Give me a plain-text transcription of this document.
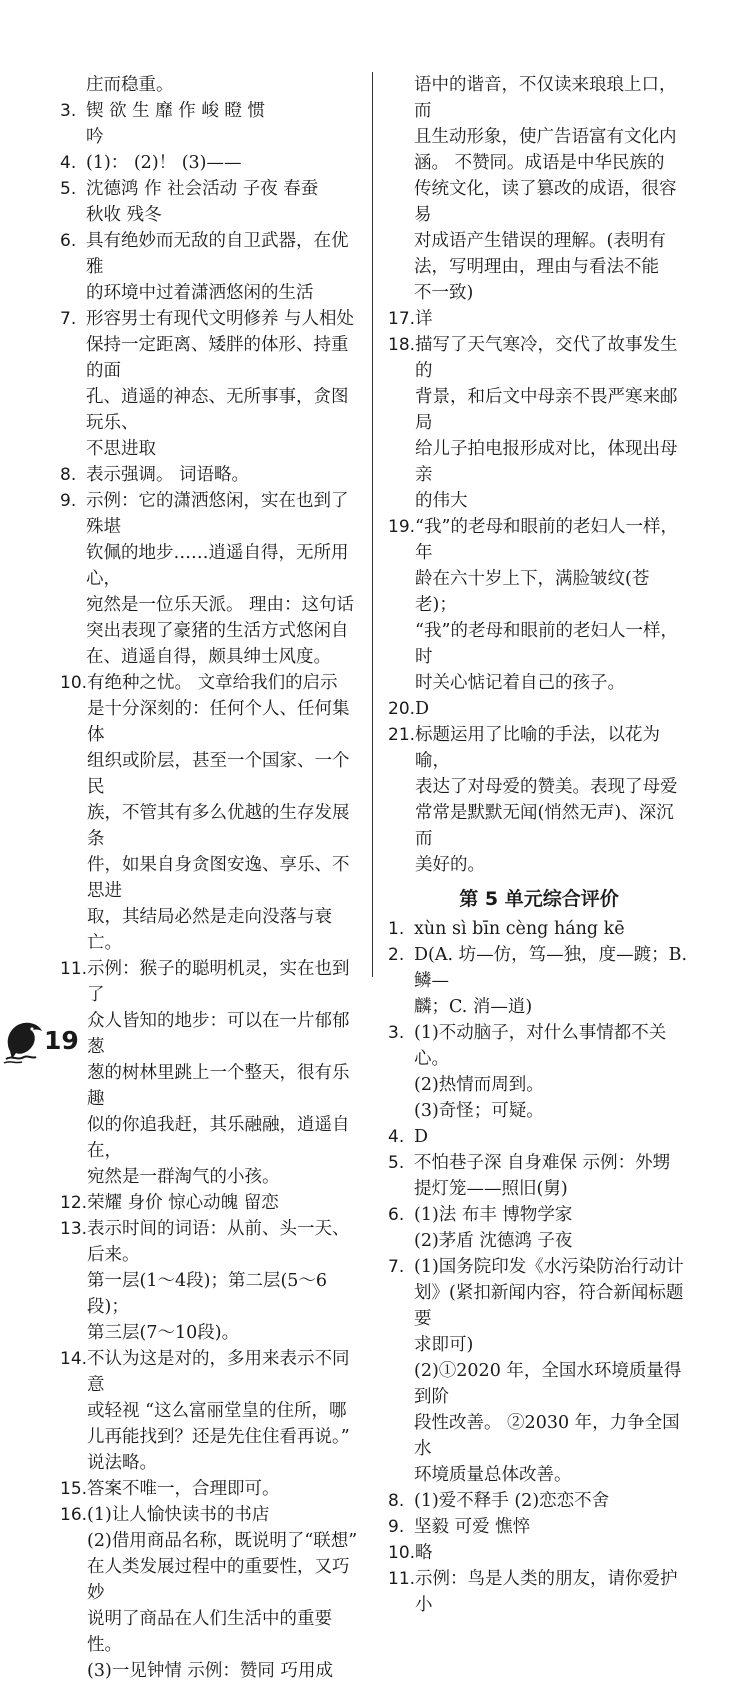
庄而稳重。
3. 锲 欲 生 靡 作 峻 瞪 惯
吟
4. (1)： (2)！ (3)——
5. 沈德鸿 作 社会活动 子夜 春蚕
秋收 残冬
6. 具有绝妙而无敌的自卫武器，在优雅
的环境中过着潇洒悠闲的生活
7. 形容男士有现代文明修养 与人相处
保持一定距离、矮胖的体形、持重的面
孔、逍遥的神态、无所事事，贪图玩乐、
不思进取
8. 表示强调。 词语略。
9. 示例：它的潇洒悠闲，实在也到了殊堪
钦佩的地步……逍遥自得，无所用心，
宛然是一位乐天派。 理由：这句话
突出表现了豪猪的生活方式悠闲自
在、逍遥自得，颇具绅士风度。
10. 有绝种之忧。 文章给我们的启示
是十分深刻的：任何个人、任何集体
组织或阶层，甚至一个国家、一个民
族，不管其有多么优越的生存发展条
件，如果自身贪图安逸、享乐、不思进
取，其结局必然是走向没落与衰亡。
11. 示例：猴子的聪明机灵，实在也到了
众人皆知的地步：可以在一片郁郁葱
葱的树林里跳上一个整天，很有乐趣
似的你追我赶，其乐融融，逍遥自在，
宛然是一群淘气的小孩。
12. 荣耀 身价 惊心动魄 留恋
13. 表示时间的词语：从前、头一天、
后来。
第一层(1～4段)；第二层(5～6段)；
第三层(7～10段)。
14. 不认为这是对的，多用来表示不同意
或轻视 “这么富丽堂皇的住所，哪
儿再能找到？还是先住住看再说。”
说法略。
15. 答案不唯一，合理即可。
16. (1)让人愉快读书的书店
(2)借用商品名称，既说明了“联想”
在人类发展过程中的重要性，又巧妙
说明了商品在人们生活中的重要性。
(3)一见钟情 示例：赞同 巧用成
语中的谐音，不仅读来琅琅上口，而
且生动形象，使广告语富有文化内
涵。 不赞同。成语是中华民族的
传统文化，读了篡改的成语，很容易
对成语产生错误的理解。(表明有
法，写明理由，理由与看法不能
不一致)
17. 详
18. 描写了天气寒冷，交代了故事发生的
背景，和后文中母亲不畏严寒来邮局
给儿子拍电报形成对比，体现出母亲
的伟大
19. “我”的老母和眼前的老妇人一样，年
龄在六十岁上下，满脸皱纹(苍老)；
“我”的老母和眼前的老妇人一样，时
时关心惦记着自己的孩子。
20. D
21. 标题运用了比喻的手法，以花为喻，
表达了对母爱的赞美。表现了母爱
常常是默默无闻(悄然无声)、深沉而
美好的。
第 5 单元综合评价
1. xùn sì bīn cèng háng kē
2. D(A. 坊—仿，笃—独，度—踱；B. 鳞—
麟；C. 消—逍)
3. (1)不动脑子，对什么事情都不关心。
(2)热情而周到。
(3)奇怪；可疑。
4. D
5. 不怕巷子深 自身难保 示例：外甥
提灯笼——照旧(舅)
6. (1)法 布丰 博物学家
(2)茅盾 沈德鸿 子夜
7. (1)国务院印发《水污染防治行动计
划》(紧扣新闻内容，符合新闻标题要
求即可)
(2)①2020 年，全国水环境质量得到阶
段性改善。 ②2030 年，力争全国水
环境质量总体改善。
8. (1)爱不释手 (2)恋恋不舍
9. 坚毅 可爱 憔悴
10. 略
11. 示例：鸟是人类的朋友，请你爱护小
19
